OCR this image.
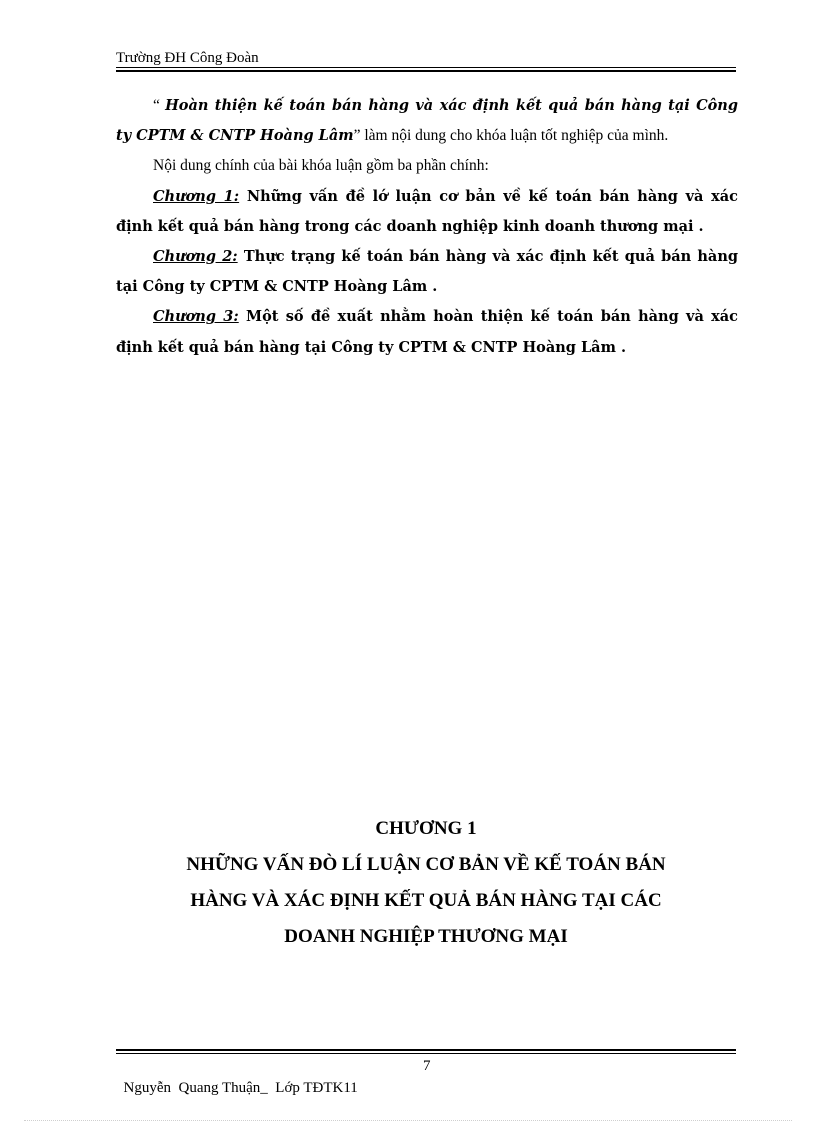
Trường ĐH Công Đoàn

“ Hoàn thiện kế toán bán hàng và xác định kết quả bán hàng tại Công ty CPTM & CNTP Hoàng Lâm” làm nội dung cho khóa luận tốt nghiệp của mình.

Nội dung chính của bài khóa luận gồm ba phần chính:

Chương 1: Những vấn đề lớ luận cơ bản về kế toán bán hàng và xác định kết quả bán hàng trong các doanh nghiệp kinh doanh thương mại .

Chương 2: Thực trạng kế toán bán hàng và xác định kết quả bán hàng tại Công ty CPTM & CNTP Hoàng Lâm .

Chương 3: Một số đề xuất nhằm hoàn thiện kế toán bán hàng và xác định kết quả bán hàng tại Công ty CPTM & CNTP Hoàng Lâm .

CHƯƠNG 1
NHỮNG VẤN ĐÒ LÍ LUẬN CƠ BẢN VỀ KẾ TOÁN BÁN
HÀNG VÀ XÁC ĐỊNH KẾT QUẢ BÁN HÀNG TẠI CÁC
DOANH NGHIỆP THƯƠNG MẠI

Nguyễn  Quang Thuận_  Lớp TĐTK11

7
